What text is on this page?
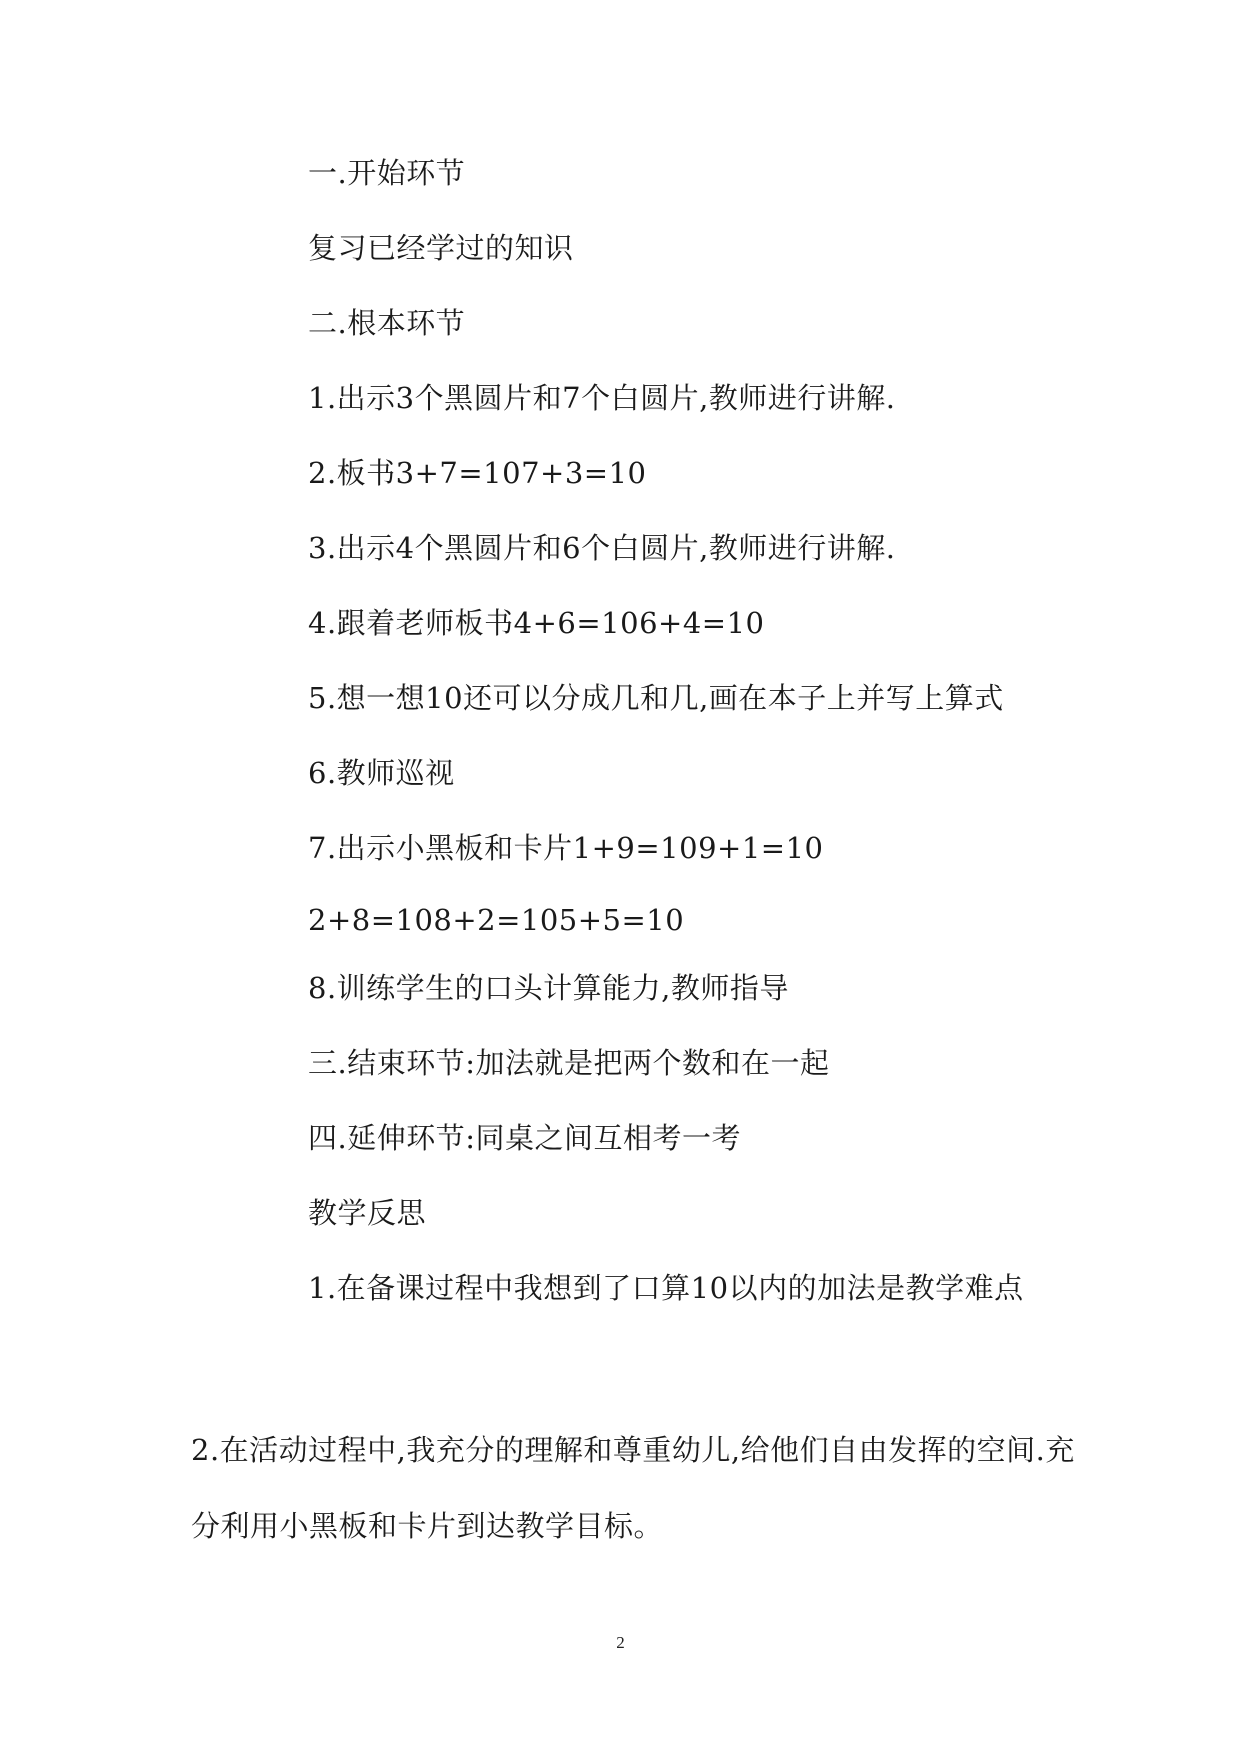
一.开始环节
复习已经学过的知识
二.根本环节
1.出示3个黑圆片和7个白圆片,教师进行讲解.
2.板书3+7=107+3=10
3.出示4个黑圆片和6个白圆片,教师进行讲解.
4.跟着老师板书4+6=106+4=10
5.想一想10还可以分成几和几,画在本子上并写上算式
6.教师巡视
7.出示小黑板和卡片1+9=109+1=10
2+8=108+2=105+5=10
8.训练学生的口头计算能力,教师指导
三.结束环节:加法就是把两个数和在一起
四.延伸环节:同桌之间互相考一考
教学反思
1.在备课过程中我想到了口算10以内的加法是教学难点
2.在活动过程中,我充分的理解和尊重幼儿,给他们自由发挥的空间.充
分利用小黑板和卡片到达教学目标。
2
